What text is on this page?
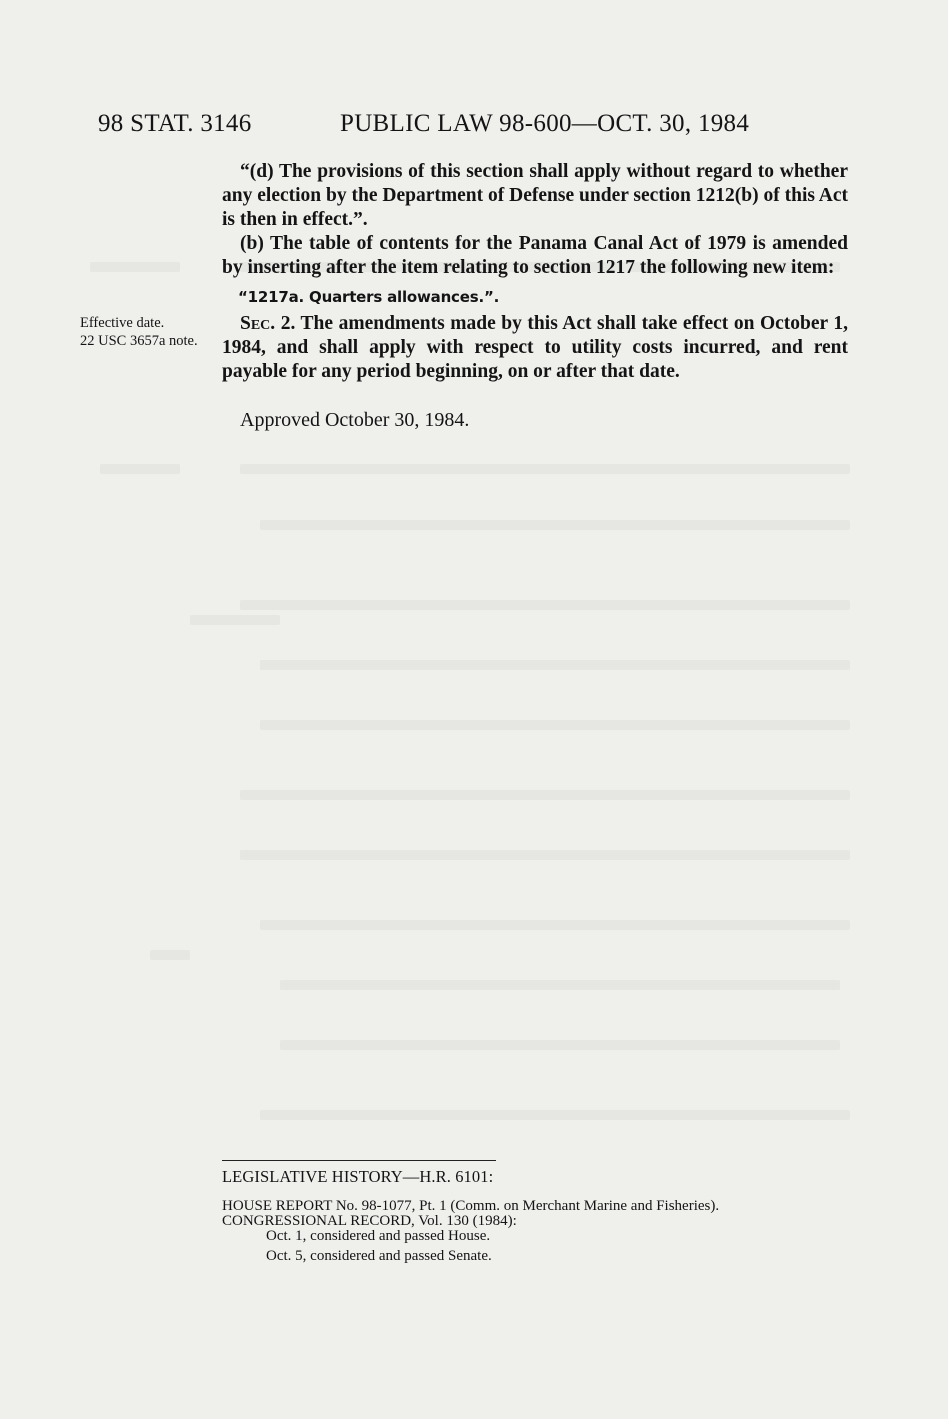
98 STAT. 3146	PUBLIC LAW 98-600—OCT. 30, 1984

“(d) The provisions of this section shall apply without regard to whether any election by the Department of Defense under section 1212(b) of this Act is then in effect.”.

(b) The table of contents for the Panama Canal Act of 1979 is amended by inserting after the item relating to section 1217 the following new item:

“1217a. Quarters allowances.”.
Effective date.
22 USC 3657a note.

Sec. 2. The amendments made by this Act shall take effect on October 1, 1984, and shall apply with respect to utility costs incurred, and rent payable for any period beginning, on or after that date.

Approved October 30, 1984.
LEGISLATIVE HISTORY—H.R. 6101:
HOUSE REPORT No. 98-1077, Pt. 1 (Comm. on Merchant Marine and Fisheries).
CONGRESSIONAL RECORD, Vol. 130 (1984):
Oct. 1, considered and passed House.
Oct. 5, considered and passed Senate.
